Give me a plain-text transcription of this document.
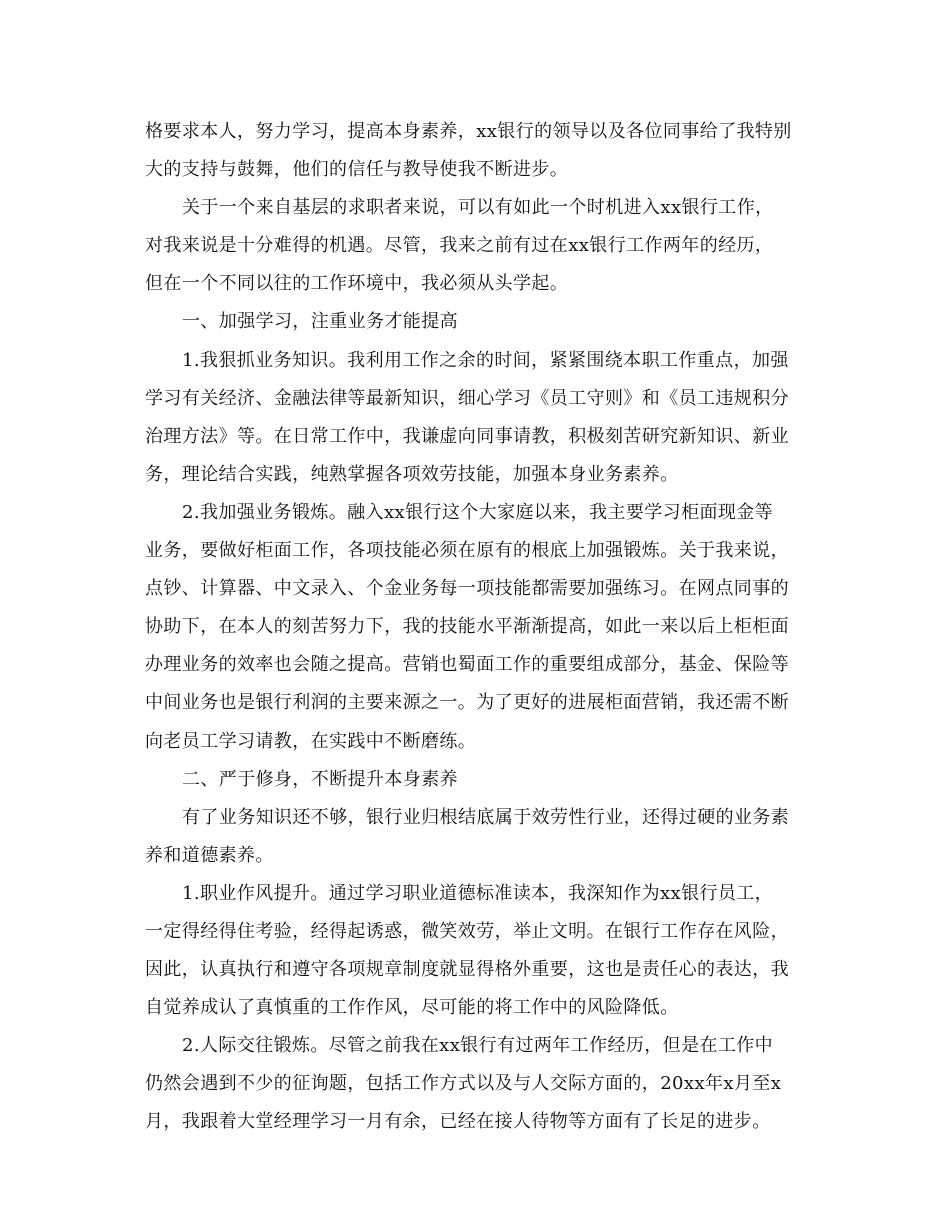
格要求本人，努力学习，提高本身素养，xx银行的领导以及各位同事给了我特别
大的支持与鼓舞，他们的信任与教导使我不断进步。
关于一个来自基层的求职者来说，可以有如此一个时机进入xx银行工作，
对我来说是十分难得的机遇。尽管，我来之前有过在xx银行工作两年的经历，
但在一个不同以往的工作环境中，我必须从头学起。
一、加强学习，注重业务才能提高
1.我狠抓业务知识。我利用工作之余的时间，紧紧围绕本职工作重点，加强
学习有关经济、金融法律等最新知识，细心学习《员工守则》和《员工违规积分
治理方法》等。在日常工作中，我谦虚向同事请教，积极刻苦研究新知识、新业
务，理论结合实践，纯熟掌握各项效劳技能，加强本身业务素养。
2.我加强业务锻炼。融入xx银行这个大家庭以来，我主要学习柜面现金等
业务，要做好柜面工作，各项技能必须在原有的根底上加强锻炼。关于我来说，
点钞、计算器、中文录入、个金业务每一项技能都需要加强练习。在网点同事的
协助下，在本人的刻苦努力下，我的技能水平渐渐提高，如此一来以后上柜柜面
办理业务的效率也会随之提高。营销也蜀面工作的重要组成部分，基金、保险等
中间业务也是银行利润的主要来源之一。为了更好的进展柜面营销，我还需不断
向老员工学习请教，在实践中不断磨练。
二、严于修身，不断提升本身素养
有了业务知识还不够，银行业归根结底属于效劳性行业，还得过硬的业务素
养和道德素养。
1.职业作风提升。通过学习职业道德标准读本，我深知作为xx银行员工，
一定得经得住考验，经得起诱惑，微笑效劳，举止文明。在银行工作存在风险，
因此，认真执行和遵守各项规章制度就显得格外重要，这也是责任心的表达，我
自觉养成认了真慎重的工作作风，尽可能的将工作中的风险降低。
2.人际交往锻炼。尽管之前我在xx银行有过两年工作经历，但是在工作中
仍然会遇到不少的征询题，包括工作方式以及与人交际方面的，20xx年x月至x
月，我跟着大堂经理学习一月有余，已经在接人待物等方面有了长足的进步。
